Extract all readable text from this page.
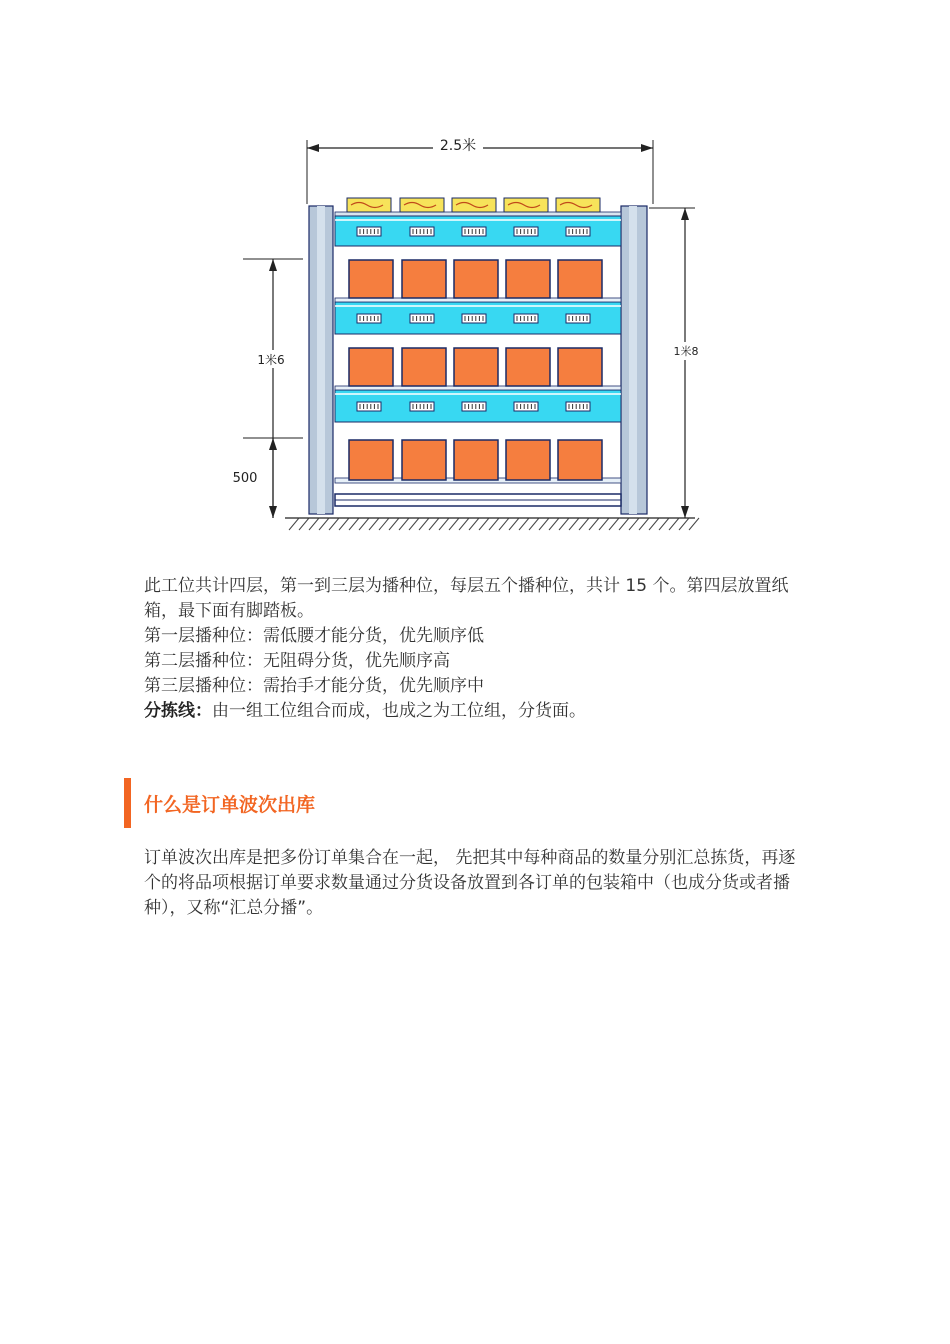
2.5米
1米6
500
1米8

此工位共计四层，第一到三层为播种位，每层五个播种位，共计 15 个。第四层放置纸箱，最下面有脚踏板。

第一层播种位：需低腰才能分货，优先顺序低

第二层播种位：无阻碍分货，优先顺序高

第三层播种位：需抬手才能分货，优先顺序中

分拣线：由一组工位组合而成，也成之为工位组，分货面。

什么是订单波次出库

订单波次出库是把多份订单集合在一起， 先把其中每种商品的数量分别汇总拣货，再逐个的将品项根据订单要求数量通过分货设备放置到各订单的包装箱中（也成分货或者播种），又称“汇总分播”。
